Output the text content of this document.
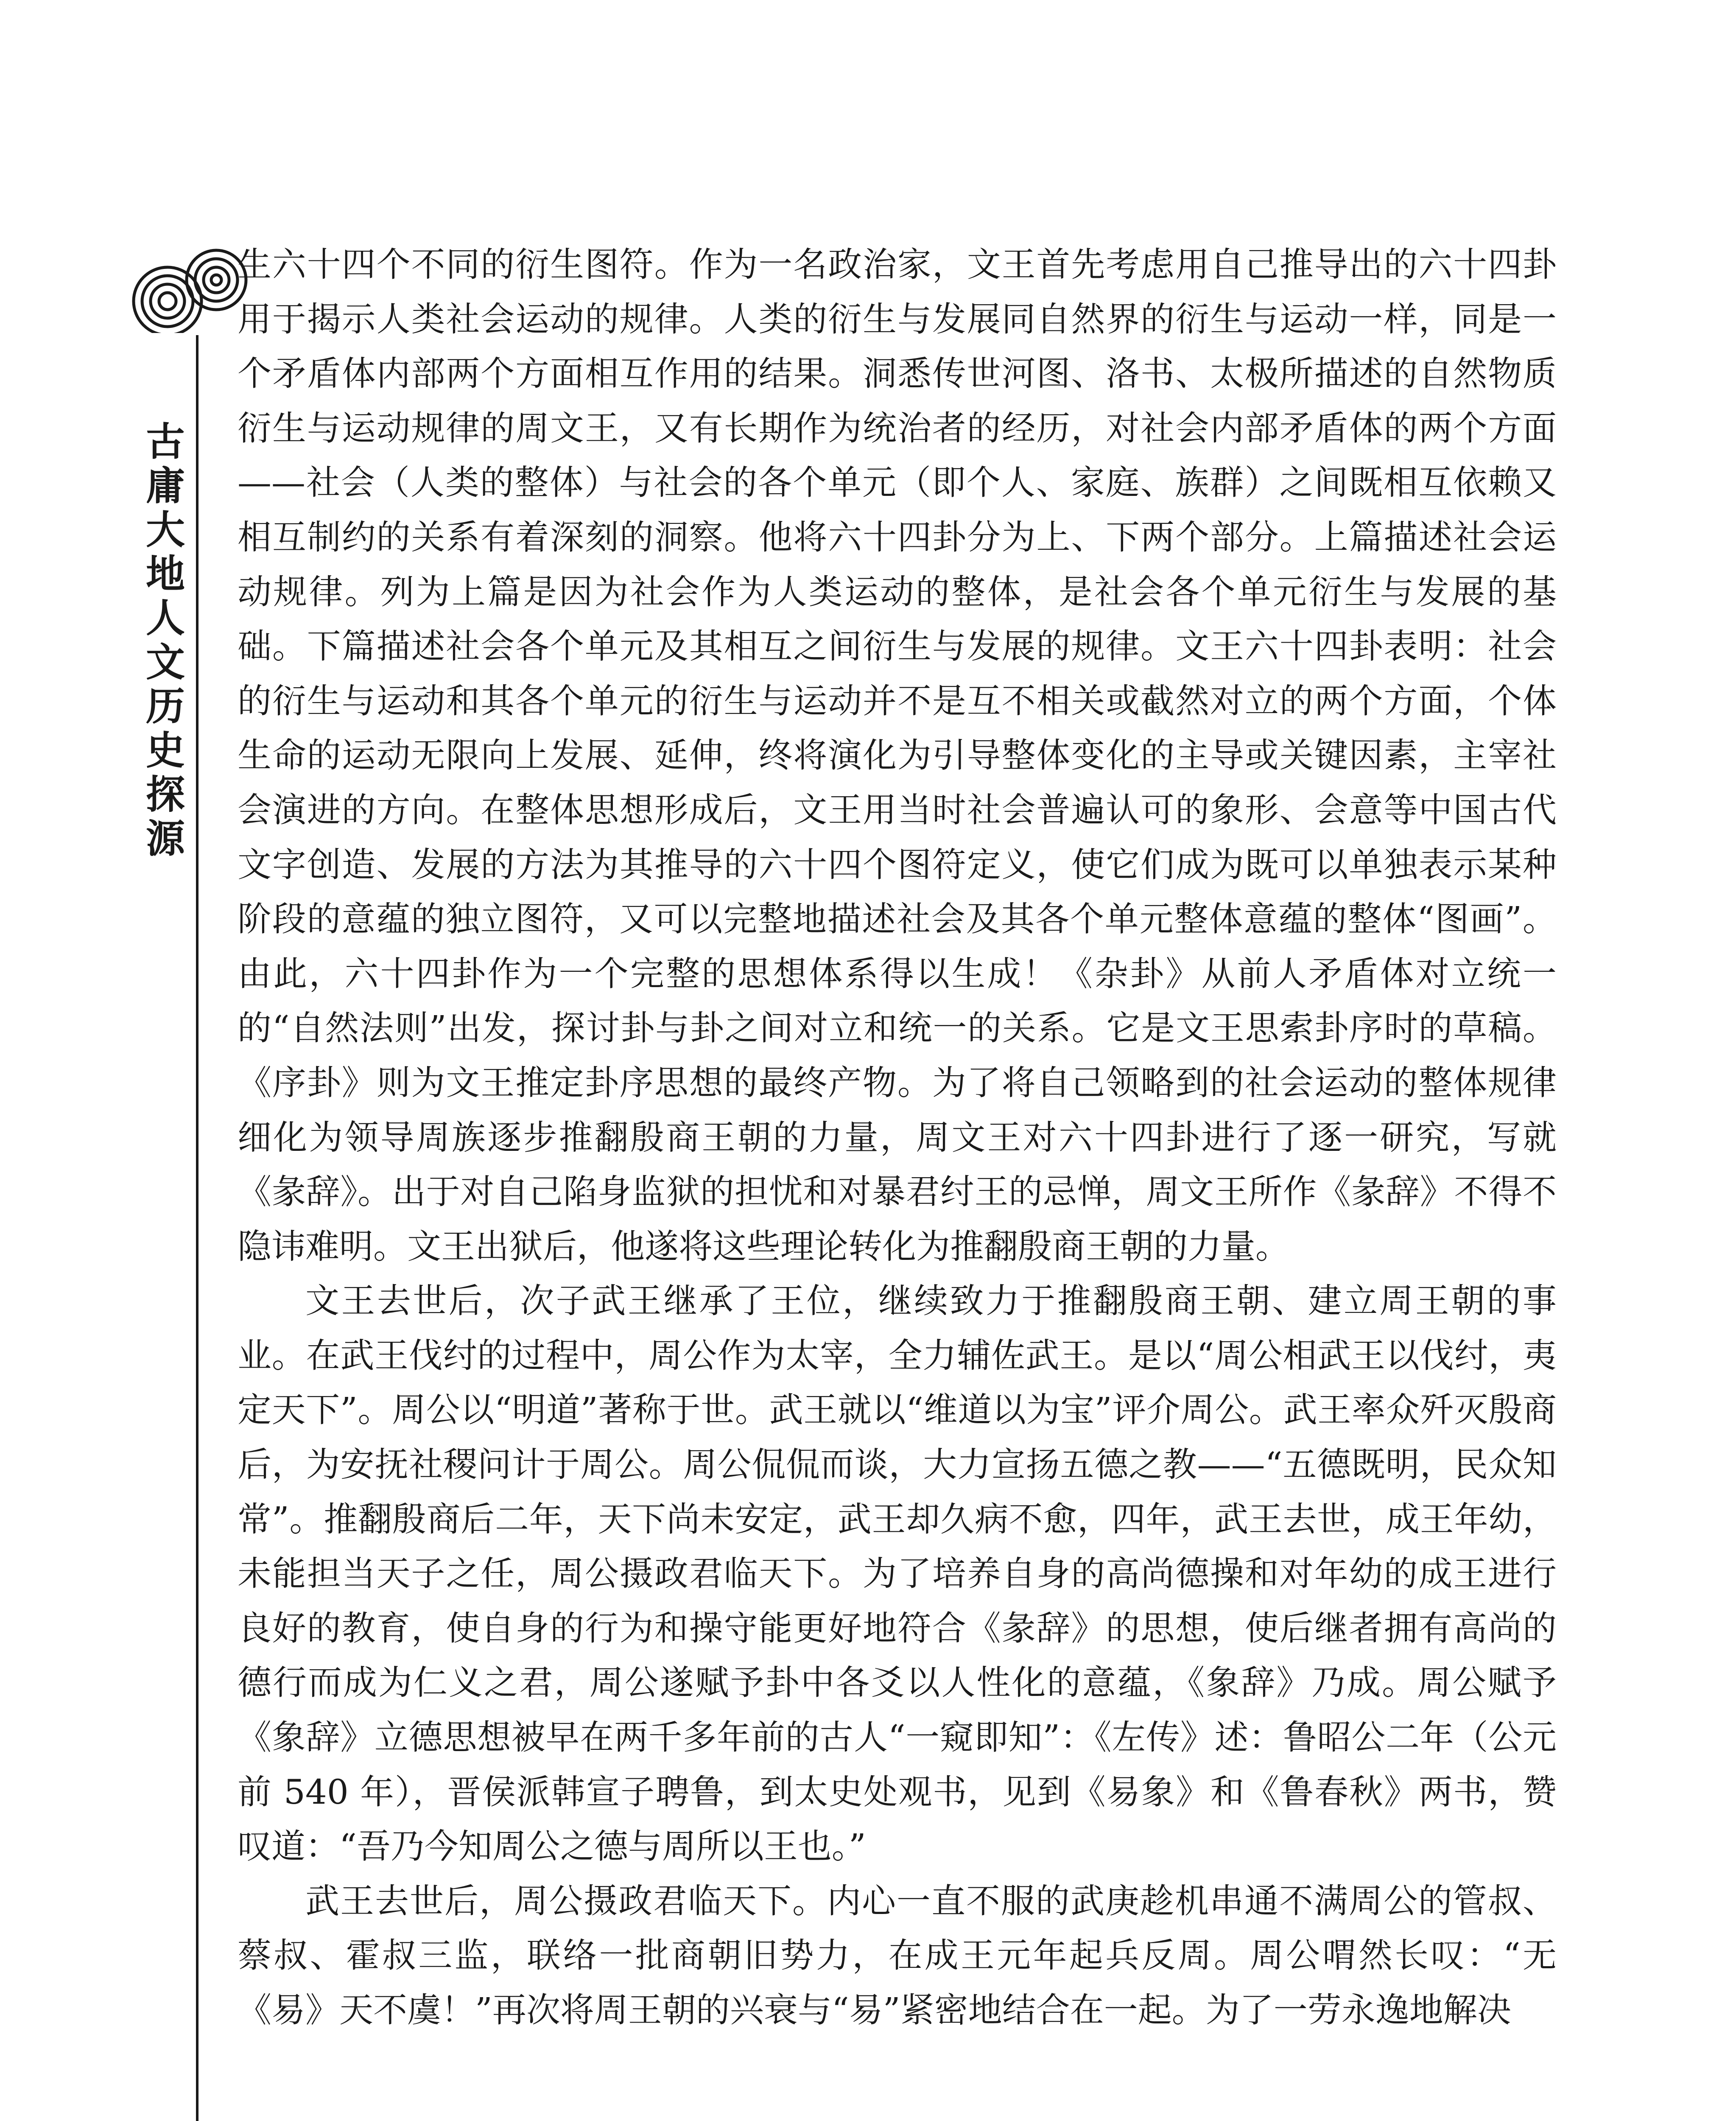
古
庸
大
地
人
文
历
史
探
源

生六十四个不同的衍生图符。作为一名政治家，文王首先考虑用自己推导出的六十四卦用于揭示人类社会运动的规律。人类的衍生与发展同自然界的衍生与运动一样，同是一个矛盾体内部两个方面相互作用的结果。洞悉传世河图、洛书、太极所描述的自然物质衍生与运动规律的周文王，又有长期作为统治者的经历，对社会内部矛盾体的两个方面——社会（人类的整体）与社会的各个单元（即个人、家庭、族群）之间既相互依赖又相互制约的关系有着深刻的洞察。他将六十四卦分为上、下两个部分。上篇描述社会运动规律。列为上篇是因为社会作为人类运动的整体，是社会各个单元衍生与发展的基础。下篇描述社会各个单元及其相互之间衍生与发展的规律。文王六十四卦表明：社会的衍生与运动和其各个单元的衍生与运动并不是互不相关或截然对立的两个方面，个体生命的运动无限向上发展、延伸，终将演化为引导整体变化的主导或关键因素，主宰社会演进的方向。在整体思想形成后，文王用当时社会普遍认可的象形、会意等中国古代文字创造、发展的方法为其推导的六十四个图符定义，使它们成为既可以单独表示某种阶段的意蕴的独立图符，又可以完整地描述社会及其各个单元整体意蕴的整体“图画”。由此，六十四卦作为一个完整的思想体系得以生成！《杂卦》从前人矛盾体对立统一的“自然法则”出发，探讨卦与卦之间对立和统一的关系。它是文王思索卦序时的草稿。《序卦》则为文王推定卦序思想的最终产物。为了将自己领略到的社会运动的整体规律细化为领导周族逐步推翻殷商王朝的力量，周文王对六十四卦进行了逐一研究，写就《彖辞》。出于对自己陷身监狱的担忧和对暴君纣王的忌惮，周文王所作《彖辞》不得不隐讳难明。文王出狱后，他遂将这些理论转化为推翻殷商王朝的力量。

文王去世后，次子武王继承了王位，继续致力于推翻殷商王朝、建立周王朝的事业。在武王伐纣的过程中，周公作为太宰，全力辅佐武王。是以“周公相武王以伐纣，夷定天下”。周公以“明道”著称于世。武王就以“维道以为宝”评介周公。武王率众歼灭殷商后，为安抚社稷问计于周公。周公侃侃而谈，大力宣扬五德之教——“五德既明，民众知常”。推翻殷商后二年，天下尚未安定，武王却久病不愈，四年，武王去世，成王年幼，未能担当天子之任，周公摄政君临天下。为了培养自身的高尚德操和对年幼的成王进行良好的教育，使自身的行为和操守能更好地符合《彖辞》的思想，使后继者拥有高尚的德行而成为仁义之君，周公遂赋予卦中各爻以人性化的意蕴，《象辞》乃成。周公赋予《象辞》立德思想被早在两千多年前的古人“一窥即知”：《左传》述：鲁昭公二年（公元前 540 年），晋侯派韩宣子聘鲁，到太史处观书，见到《易象》和《鲁春秋》两书，赞叹道：“吾乃今知周公之德与周所以王也。”

武王去世后，周公摄政君临天下。内心一直不服的武庚趁机串通不满周公的管叔、蔡叔、霍叔三监，联络一批商朝旧势力，在成王元年起兵反周。周公喟然长叹：“无《易》天不虞！”再次将周王朝的兴衰与“易”紧密地结合在一起。为了一劳永逸地解决
